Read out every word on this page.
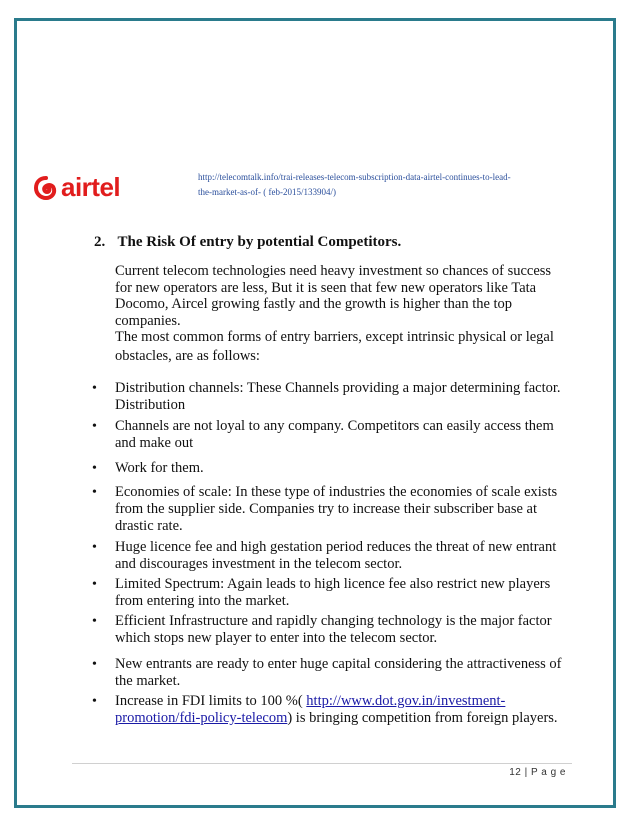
airtel	http://telecomtalk.info/trai-releases-telecom-subscription-data-airtel-continues-to-lead-
the-market-as-of- ( feb-2015/133904/)
2. The Risk Of entry by potential Competitors.

Current telecom technologies need heavy investment so chances of success

for new operators are less, But it is seen that few new operators like Tata

Docomo, Aircel growing fastly and the growth is higher than the top

companies.

The most common forms of entry barriers, except intrinsic physical or legal

obstacles, are as follows:

•	Distribution channels: These Channels providing a major determining factor.
Distribution
•	Channels are not loyal to any company. Competitors can easily access them
and make out
•	Work for them.
•	Economies of scale: In these type of industries the economies of scale exists
from the supplier side. Companies try to increase their subscriber base at
drastic rate.
•	Huge licence fee and high gestation period reduces the threat of new entrant
and discourages investment in the telecom sector.
•	Limited Spectrum: Again leads to high licence fee also restrict new players
from entering into the market.
•	Efficient Infrastructure and rapidly changing technology is the major factor
which stops new player to enter into the telecom sector.
•	New entrants are ready to enter huge capital considering the attractiveness of
the market.
•	Increase in FDI limits to 100 %( http://www.dot.gov.in/investment-
promotion/fdi-policy-telecom) is bringing competition from foreign players.
12 | P a g e
